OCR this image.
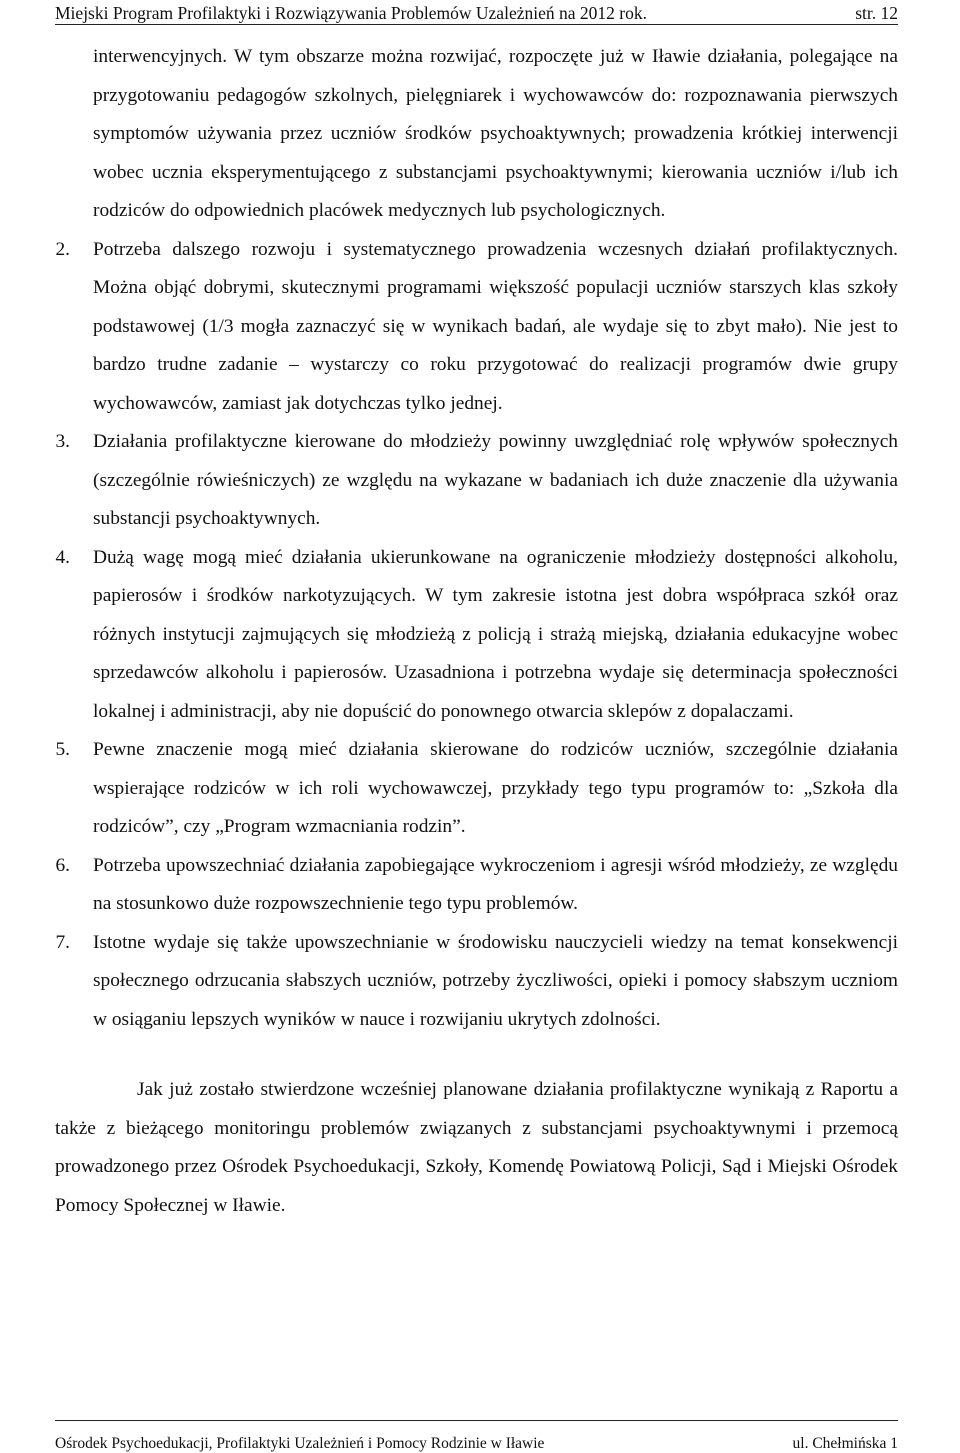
Miejski Program Profilaktyki i Rozwiązywania Problemów Uzależnień na 2012 rok.	str. 12

interwencyjnych. W tym obszarze można rozwijać, rozpoczęte już w Iławie działania, polegające na przygotowaniu pedagogów szkolnych, pielęgniarek i wychowawców do: rozpoznawania pierwszych symptomów używania przez uczniów środków psychoaktywnych; prowadzenia krótkiej interwencji wobec ucznia eksperymentującego z substancjami psychoaktywnymi; kierowania uczniów i/lub ich rodziców do odpowiednich placówek medycznych lub psychologicznych.

2. Potrzeba dalszego rozwoju i systematycznego prowadzenia wczesnych działań profilaktycznych. Można objąć dobrymi, skutecznymi programami większość populacji uczniów starszych klas szkoły podstawowej (1/3 mogła zaznaczyć się w wynikach badań, ale wydaje się to zbyt mało). Nie jest to bardzo trudne zadanie – wystarczy co roku przygotować do realizacji programów dwie grupy wychowawców, zamiast jak dotychczas tylko jednej.
3. Działania profilaktyczne kierowane do młodzieży powinny uwzględniać rolę wpływów społecznych (szczególnie rówieśniczych) ze względu na wykazane w badaniach ich duże znaczenie dla używania substancji psychoaktywnych.
4. Dużą wagę mogą mieć działania ukierunkowane na ograniczenie młodzieży dostępności alkoholu, papierosów i środków narkotyzujących. W tym zakresie istotna jest dobra współpraca szkół oraz różnych instytucji zajmujących się młodzieżą z policją i strażą miejską, działania edukacyjne wobec sprzedawców alkoholu i papierosów. Uzasadniona i potrzebna wydaje się determinacja społeczności lokalnej i administracji, aby nie dopuścić do ponownego otwarcia sklepów z dopalaczami.
5. Pewne znaczenie mogą mieć działania skierowane do rodziców uczniów, szczególnie działania wspierające rodziców w ich roli wychowawczej, przykłady tego typu programów to: „Szkoła dla rodziców”, czy „Program wzmacniania rodzin”.
6. Potrzeba upowszechniać działania zapobiegające wykroczeniom i agresji wśród młodzieży, ze względu na stosunkowo duże rozpowszechnienie tego typu problemów.
7. Istotne wydaje się także upowszechnianie w środowisku nauczycieli wiedzy na temat konsekwencji społecznego odrzucania słabszych uczniów, potrzeby życzliwości, opieki i pomocy słabszym uczniom w osiąganiu lepszych wyników w nauce i rozwijaniu ukrytych zdolności.

Jak już zostało stwierdzone wcześniej planowane działania profilaktyczne wynikają z Raportu a także z bieżącego monitoringu problemów związanych z substancjami psychoaktywnymi i przemocą prowadzonego przez Ośrodek Psychoedukacji, Szkoły, Komendę Powiatową Policji, Sąd i Miejski Ośrodek Pomocy Społecznej w Iławie.

Ośrodek Psychoedukacji, Profilaktyki Uzależnień i Pomocy Rodzinie w Iławie	ul. Chełmińska 1
